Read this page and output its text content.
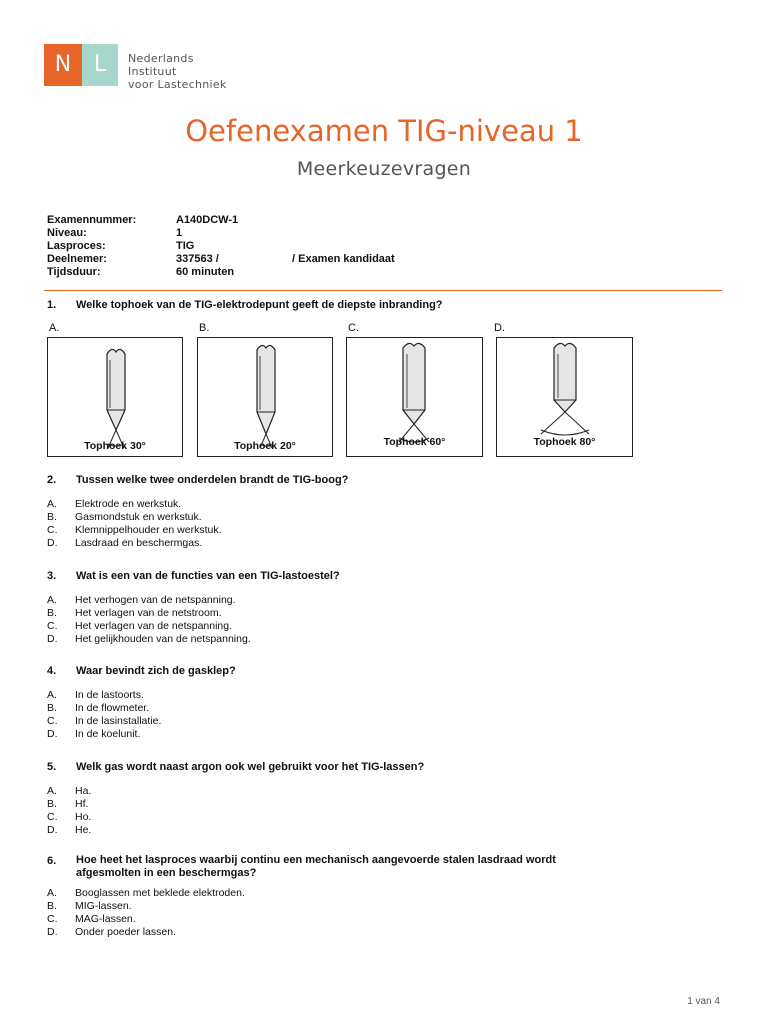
N	L	Nederlands Instituut
voor Lastechniek
Oefenexamen TIG-niveau 1
Meerkeuzevragen
Examennummer:	A140DCW-1
Niveau:	1
Lasproces:	TIG
Deelnemer:	337563 /	/ Examen kandidaat
Tijdsduur:	60 minuten
1. Welke tophoek van de TIG-elektrodepunt geeft de diepste inbranding?
A.	B.	C.	D.
Tophoek 30°	Tophoek 20°	Tophoek 60°	Tophoek 80°
2. Tussen welke twee onderdelen brandt de TIG-boog?
A. Elektrode en werkstuk.
B. Gasmondstuk en werkstuk.
C. Klemnippelhouder en werkstuk.
D. Lasdraad en beschermgas.
3. Wat is een van de functies van een TIG-lastoestel?
A. Het verhogen van de netspanning.
B. Het verlagen van de netstroom.
C. Het verlagen van de netspanning.
D. Het gelijkhouden van de netspanning.
4. Waar bevindt zich de gasklep?
A. In de lastoorts.
B. In de flowmeter.
C. In de lasinstallatie.
D. In de koelunit.
5. Welk gas wordt naast argon ook wel gebruikt voor het TIG-lassen?
A. Ha.
B. Hf.
C. Ho.
D. He.
6. Hoe heet het lasproces waarbij continu een mechanisch aangevoerde stalen lasdraad wordt afgesmolten in een beschermgas?
A. Booglassen met beklede elektroden.
B. MIG-lassen.
C. MAG-lassen.
D. Onder poeder lassen.
1 van 4
